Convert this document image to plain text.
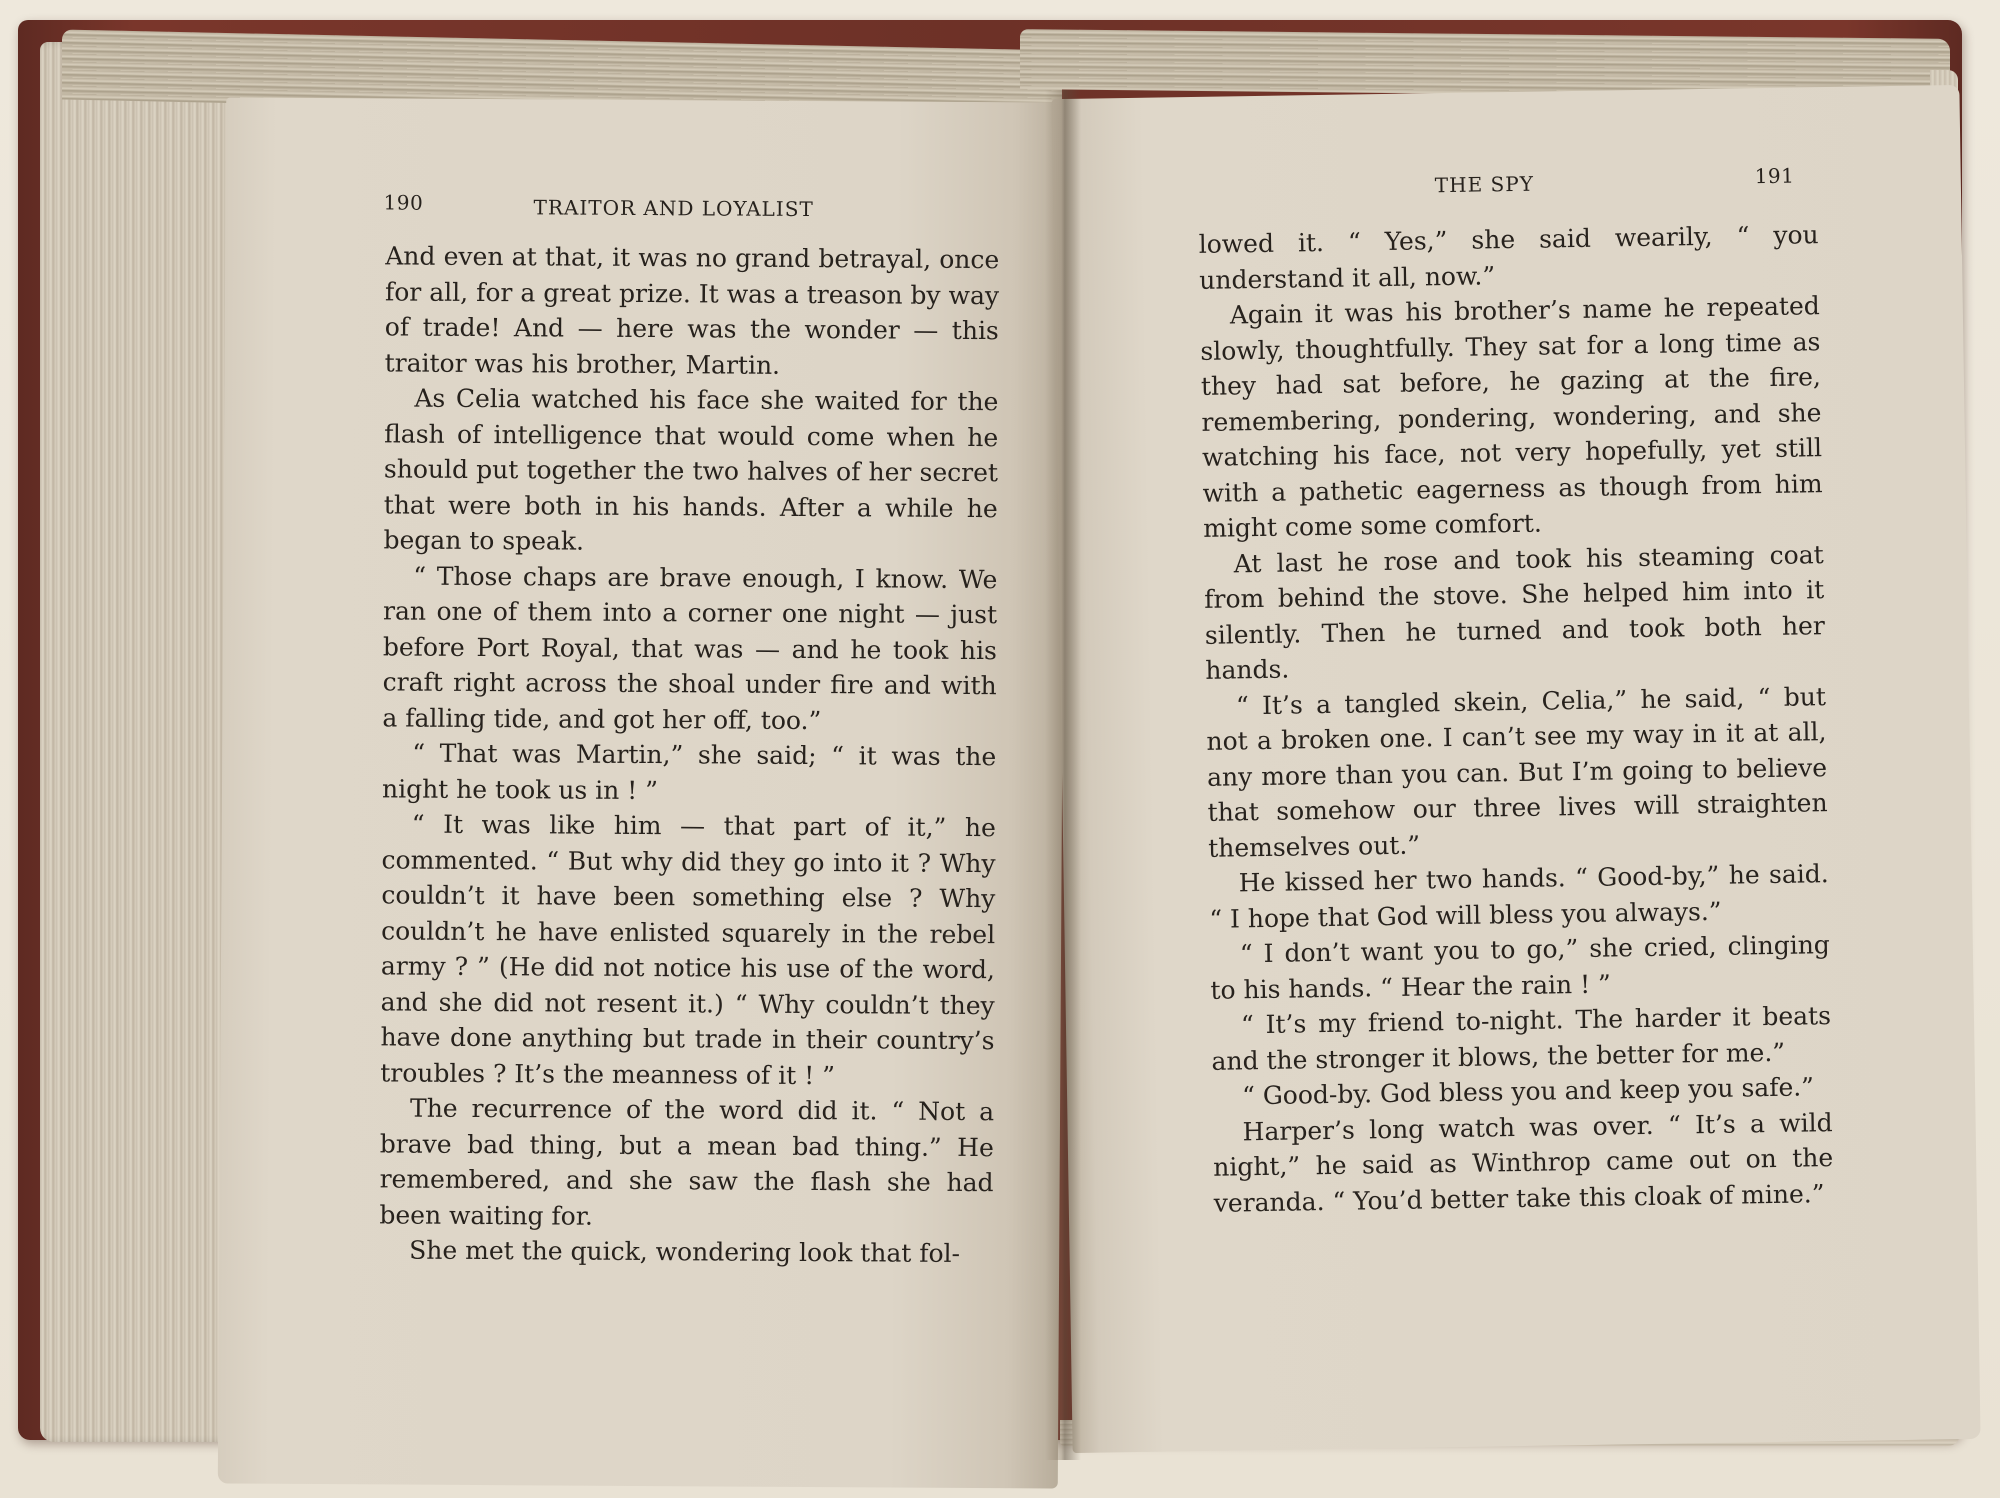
190	TRAITOR AND LOYALIST

And even at that, it was no grand betrayal, once for all, for a great prize. It was a treason by way of trade! And — here was the wonder — this traitor was his brother, Martin.

As Celia watched his face she waited for the flash of intelligence that would come when he should put together the two halves of her secret that were both in his hands. After a while he began to speak.

“ Those chaps are brave enough, I know. We ran one of them into a corner one night — just before Port Royal, that was — and he took his craft right across the shoal under fire and with a falling tide, and got her off, too.”

“ That was Martin,” she said; “ it was the night he took us in ! ”

“ It was like him — that part of it,” he commented. “ But why did they go into it ? Why couldn’t it have been something else ? Why couldn’t he have enlisted squarely in the rebel army ? ” (He did not notice his use of the word, and she did not resent it.) “ Why couldn’t they have done anything but trade in their country’s troubles ? It’s the meanness of it ! ”

The recurrence of the word did it. “ Not a brave bad thing, but a mean bad thing.” He remembered, and she saw the flash she had been waiting for.

She met the quick, wondering look that fol-

THE SPY	191

lowed it. “ Yes,” she said wearily, “ you understand it all, now.”

Again it was his brother’s name he repeated slowly, thoughtfully. They sat for a long time as they had sat before, he gazing at the fire, remembering, pondering, wondering, and she watching his face, not very hopefully, yet still with a pathetic eagerness as though from him might come some comfort.

At last he rose and took his steaming coat from behind the stove. She helped him into it silently. Then he turned and took both her hands.

“ It’s a tangled skein, Celia,” he said, “ but not a broken one. I can’t see my way in it at all, any more than you can. But I’m going to believe that somehow our three lives will straighten themselves out.”

He kissed her two hands. “ Good-by,” he said. “ I hope that God will bless you always.”

“ I don’t want you to go,” she cried, clinging to his hands. “ Hear the rain ! ”

“ It’s my friend to-night. The harder it beats and the stronger it blows, the better for me.”

“ Good-by. God bless you and keep you safe.”

Harper’s long watch was over. “ It’s a wild night,” he said as Winthrop came out on the veranda. “ You’d better take this cloak of mine.”
